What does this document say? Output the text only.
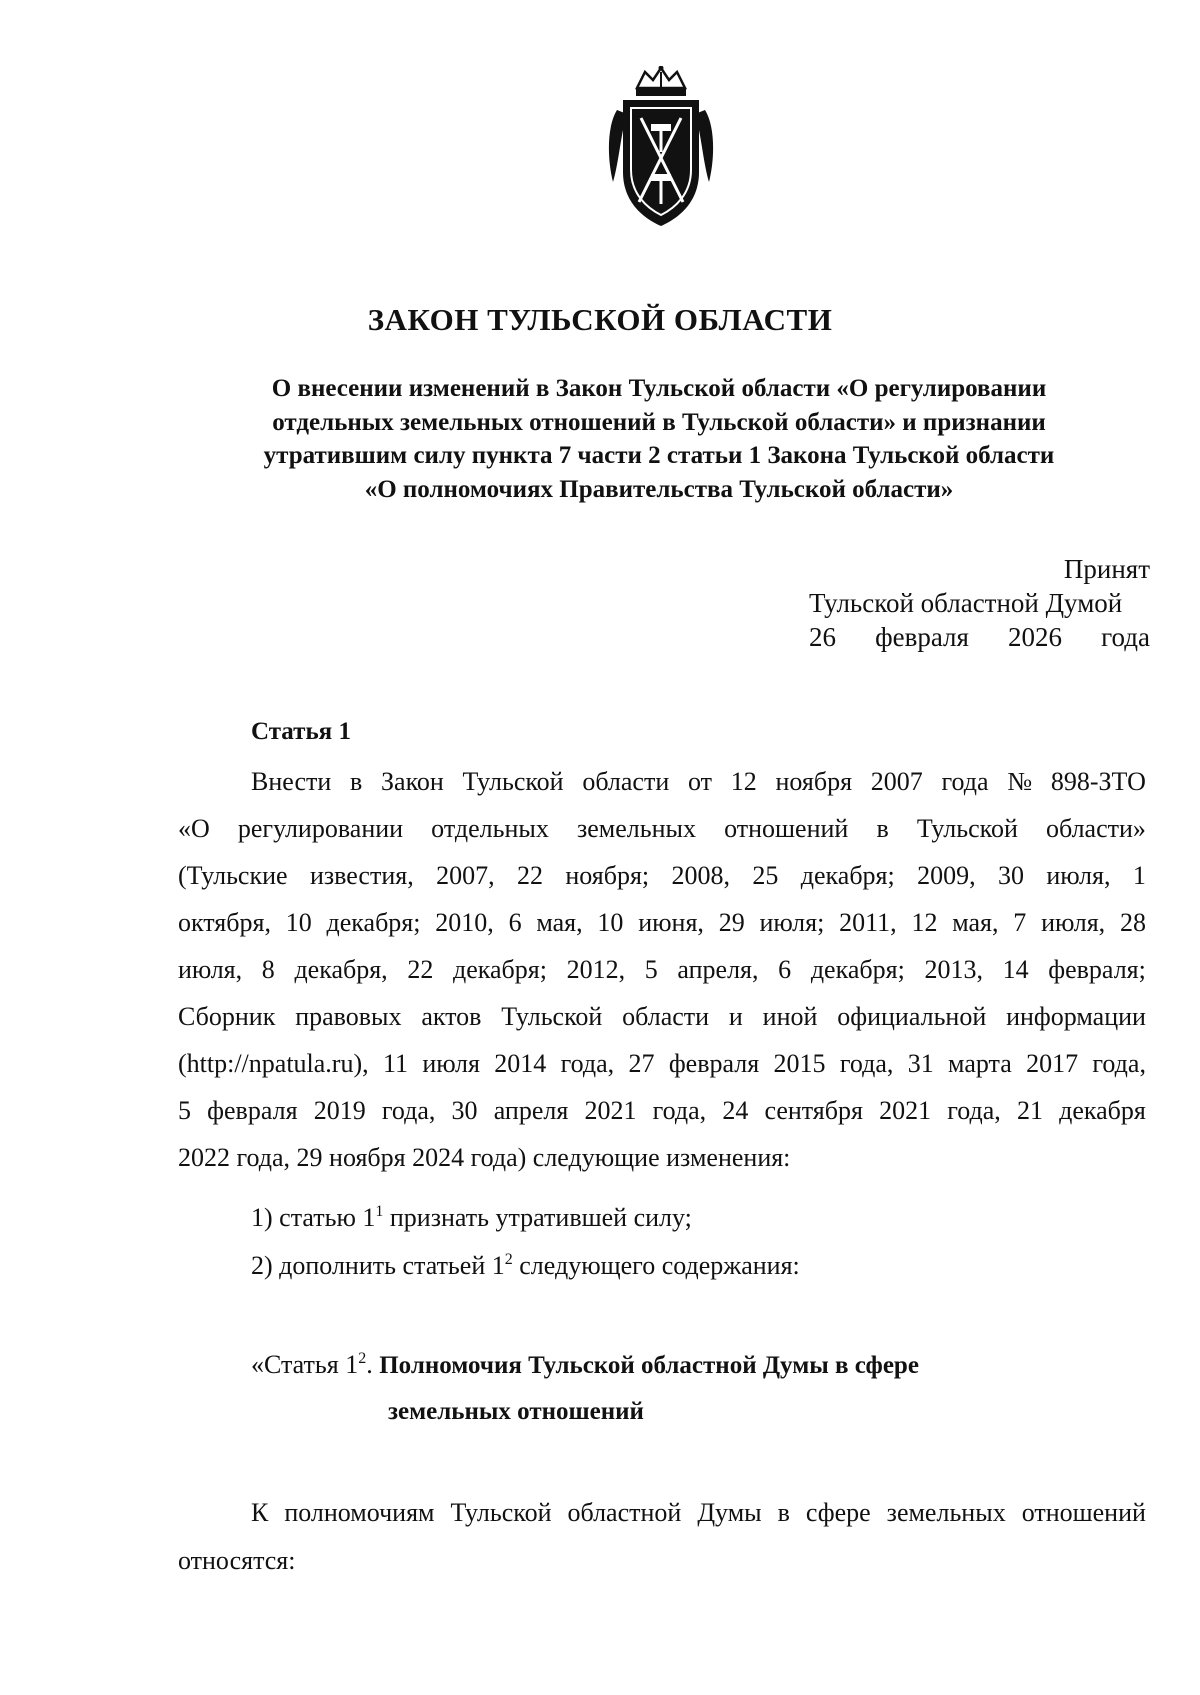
ЗАКОН ТУЛЬСКОЙ ОБЛАСТИ
О внесении изменений в Закон Тульской области «О регулировании
отдельных земельных отношений в Тульской области» и признании
утратившим силу пункта 7 части 2 статьи 1 Закона Тульской области
«О полномочиях Правительства Тульской области»
Принят
Тульской областной Думой
26 февраля 2026 года
Статья 1
Внести в Закон Тульской области от 12 ноября 2007 года № 898-ЗТО
«О регулировании отдельных земельных отношений в Тульской области»
(Тульские известия, 2007, 22 ноября; 2008, 25 декабря; 2009, 30 июля, 1
октября, 10 декабря; 2010, 6 мая, 10 июня, 29 июля; 2011, 12 мая, 7 июля, 28
июля, 8 декабря, 22 декабря; 2012, 5 апреля, 6 декабря; 2013, 14 февраля;
Сборник правовых актов Тульской области и иной официальной информации
(http://npatula.ru), 11 июля 2014 года, 27 февраля 2015 года, 31 марта 2017 года,
5 февраля 2019 года, 30 апреля 2021 года, 24 сентября 2021 года, 21 декабря
2022 года, 29 ноября 2024 года) следующие изменения:
1) статью $1^1$ признать утратившей силу;
2) дополнить статьей $1^2$ следующего содержания:
«Статья $1^2$. Полномочия Тульской областной Думы в сфере
земельных отношений
К полномочиям Тульской областной Думы в сфере земельных отношений
относятся:
